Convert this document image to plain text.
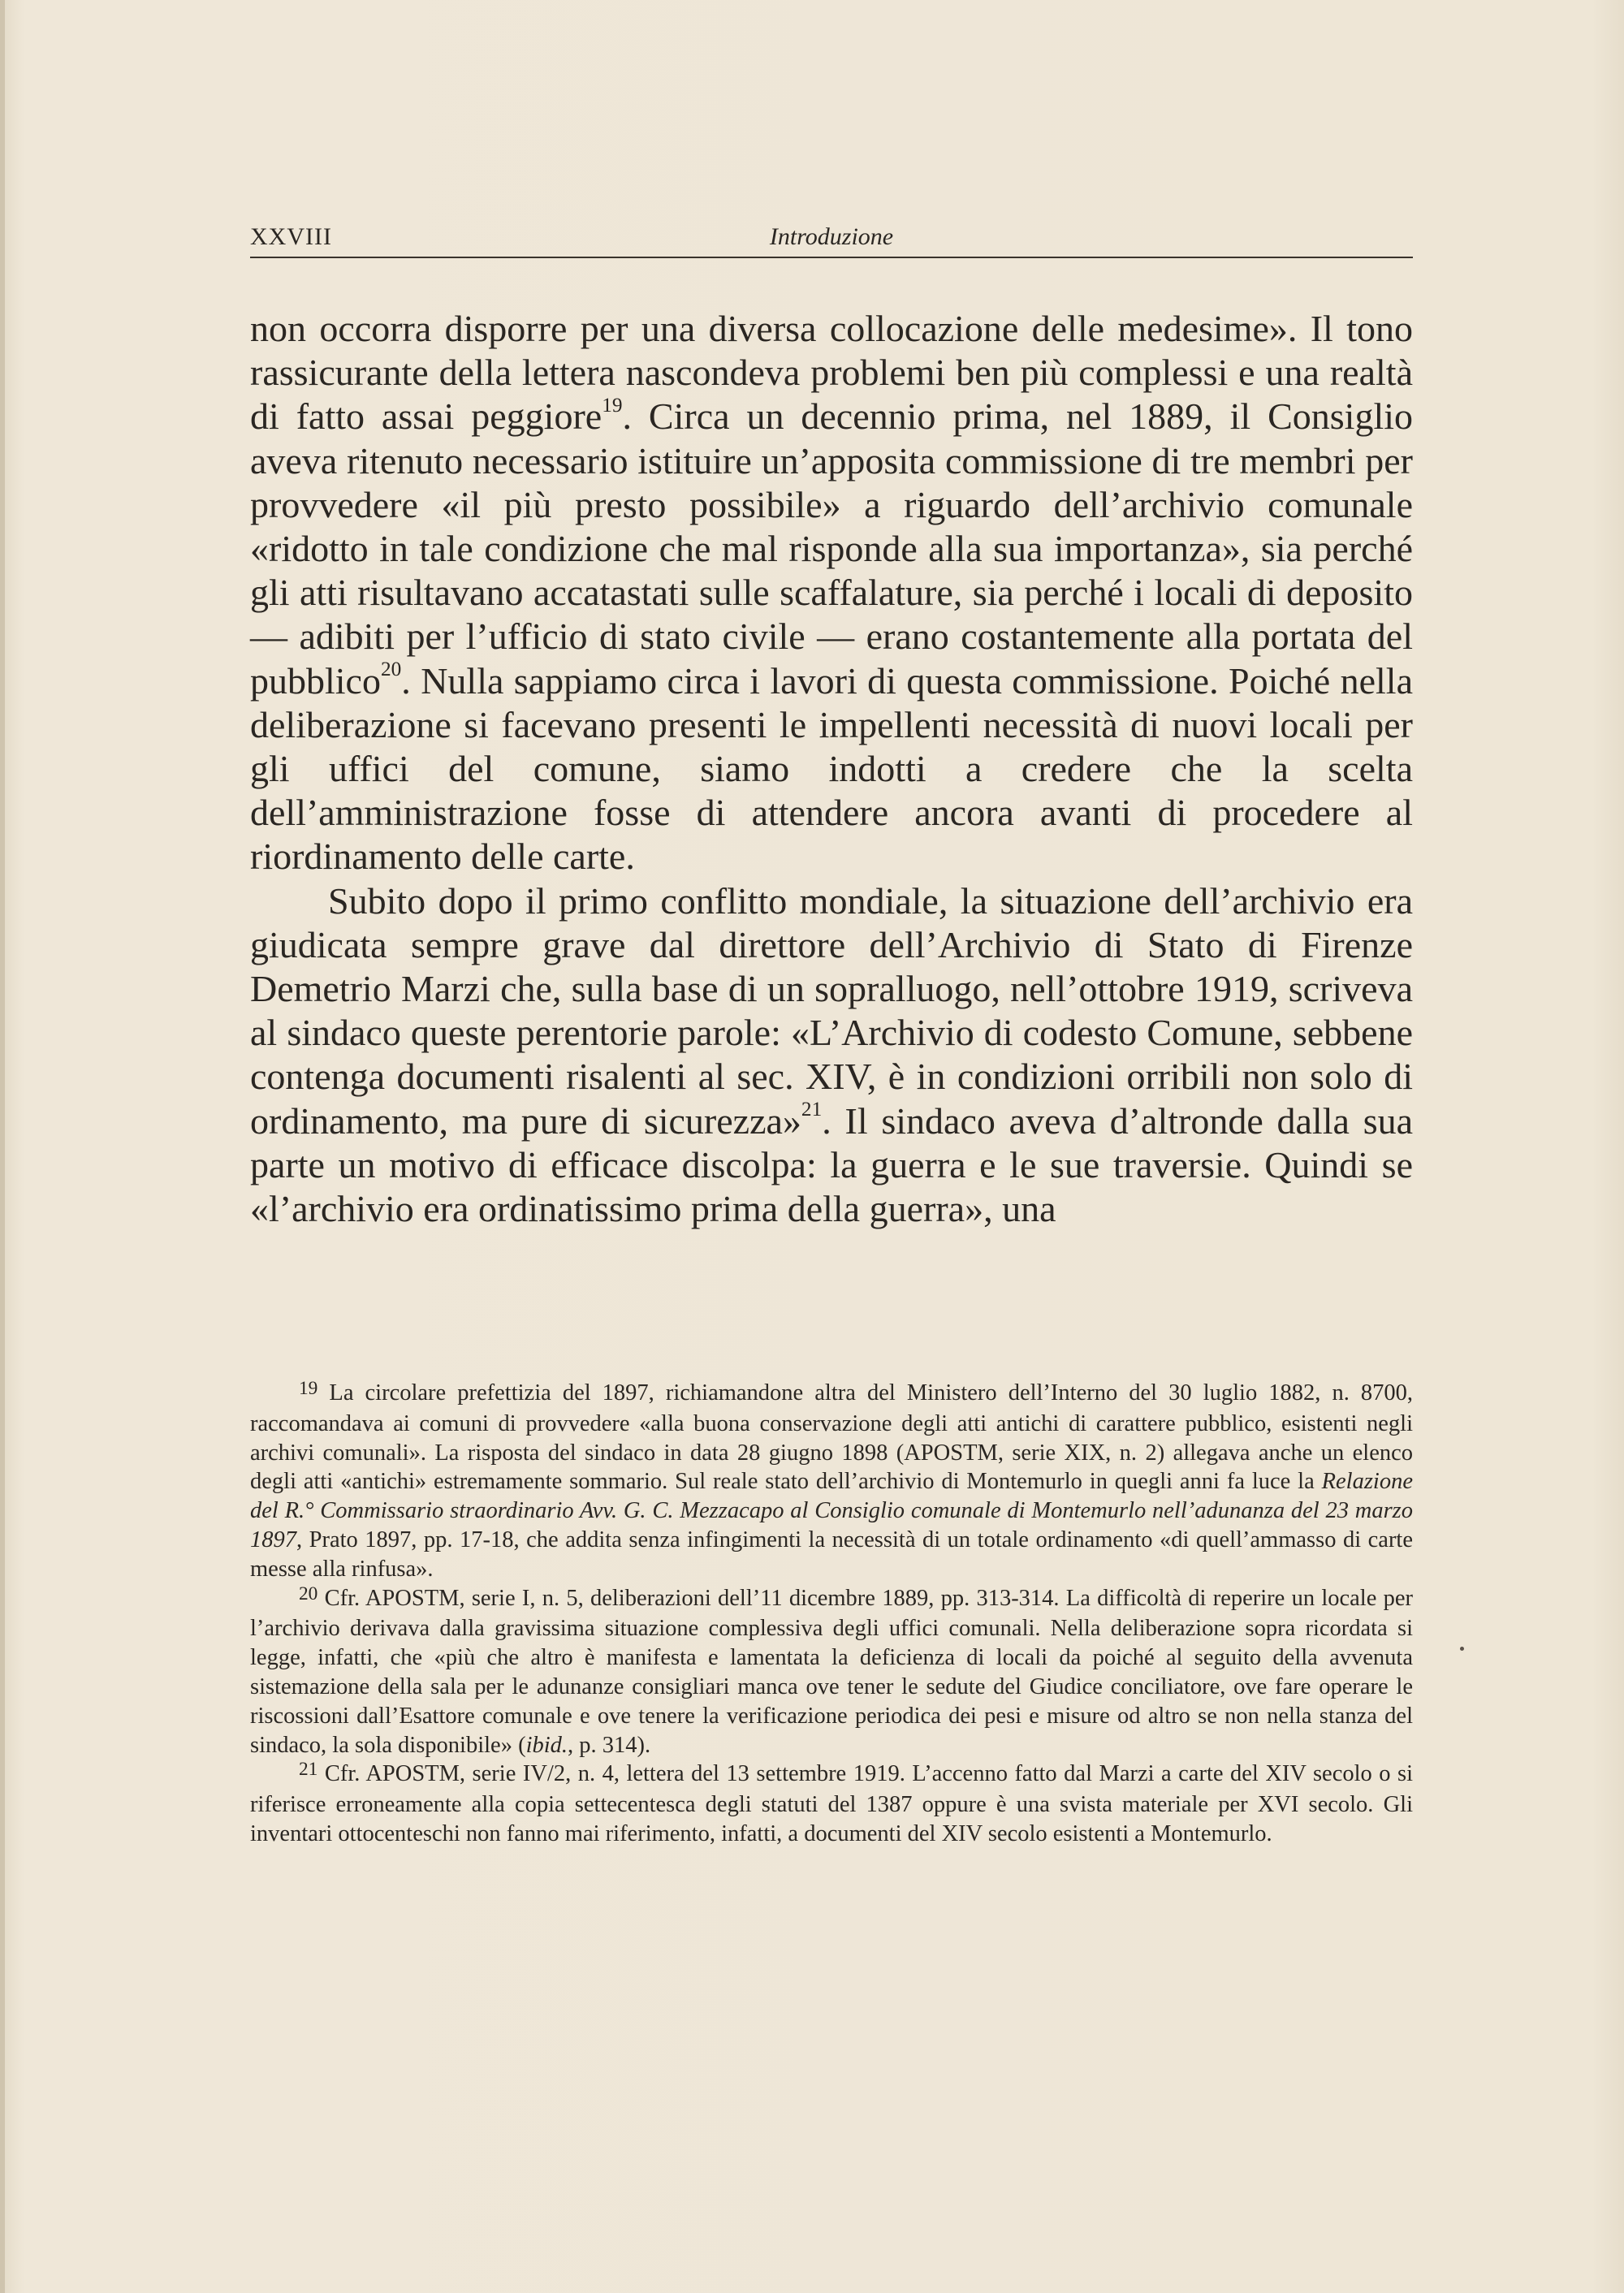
XXVIII	Introduzione

non occorra disporre per una diversa collocazione delle medesime». Il tono rassicurante della lettera nascondeva problemi ben più complessi e una realtà di fatto assai peggiore$^{19}$. Circa un decennio prima, nel 1889, il Consiglio aveva ritenuto necessario istituire un’apposita commissione di tre membri per provvedere «il più presto possibile» a riguardo dell’archivio comunale «ridotto in tale condizione che mal risponde alla sua importanza», sia perché gli atti risultavano accatastati sulle scaffalature, sia perché i locali di deposito — adibiti per l’ufficio di stato civile — erano costantemente alla portata del pubblico$^{20}$. Nulla sappiamo circa i lavori di questa commissione. Poiché nella deliberazione si facevano presenti le impellenti necessità di nuovi locali per gli uffici del comune, siamo indotti a credere che la scelta dell’amministrazione fosse di attendere ancora avanti di procedere al riordinamento delle carte.

Subito dopo il primo conflitto mondiale, la situazione dell’archivio era giudicata sempre grave dal direttore dell’Archivio di Stato di Firenze Demetrio Marzi che, sulla base di un sopralluogo, nell’ottobre 1919, scriveva al sindaco queste perentorie parole: «L’Archivio di codesto Comune, sebbene contenga documenti risalenti al sec. XIV, è in condizioni orribili non solo di ordinamento, ma pure di sicurezza»$^{21}$. Il sindaco aveva d’altronde dalla sua parte un motivo di efficace discolpa: la guerra e le sue traversie. Quindi se «l’archivio era ordinatissimo prima della guerra», una

$^{19}$ La circolare prefettizia del 1897, richiamandone altra del Ministero dell’Interno del 30 luglio 1882, n. 8700, raccomandava ai comuni di provvedere «alla buona conservazione degli atti antichi di carattere pubblico, esistenti negli archivi comunali». La risposta del sindaco in data 28 giugno 1898 (APOSTM, serie XIX, n. 2) allegava anche un elenco degli atti «antichi» estremamente sommario. Sul reale stato dell’archivio di Montemurlo in quegli anni fa luce la Relazione del R.° Commissario straordinario Avv. G. C. Mezzacapo al Consiglio comunale di Montemurlo nell’adunanza del 23 marzo 1897, Prato 1897, pp. 17-18, che addita senza infingimenti la necessità di un totale ordinamento «di quell’ammasso di carte messe alla rinfusa».

$^{20}$ Cfr. APOSTM, serie I, n. 5, deliberazioni dell’11 dicembre 1889, pp. 313-314. La difficoltà di reperire un locale per l’archivio derivava dalla gravissima situazione complessiva degli uffici comunali. Nella deliberazione sopra ricordata si legge, infatti, che «più che altro è manifesta e lamentata la deficienza di locali da poiché al seguito della avvenuta sistemazione della sala per le adunanze consigliari manca ove tener le sedute del Giudice conciliatore, ove fare operare le riscossioni dall’Esattore comunale e ove tenere la verificazione periodica dei pesi e misure od altro se non nella stanza del sindaco, la sola disponibile» (ibid., p. 314).

$^{21}$ Cfr. APOSTM, serie IV/2, n. 4, lettera del 13 settembre 1919. L’accenno fatto dal Marzi a carte del XIV secolo o si riferisce erroneamente alla copia settecentesca degli statuti del 1387 oppure è una svista materiale per XVI secolo. Gli inventari ottocenteschi non fanno mai riferimento, infatti, a documenti del XIV secolo esistenti a Montemurlo.
